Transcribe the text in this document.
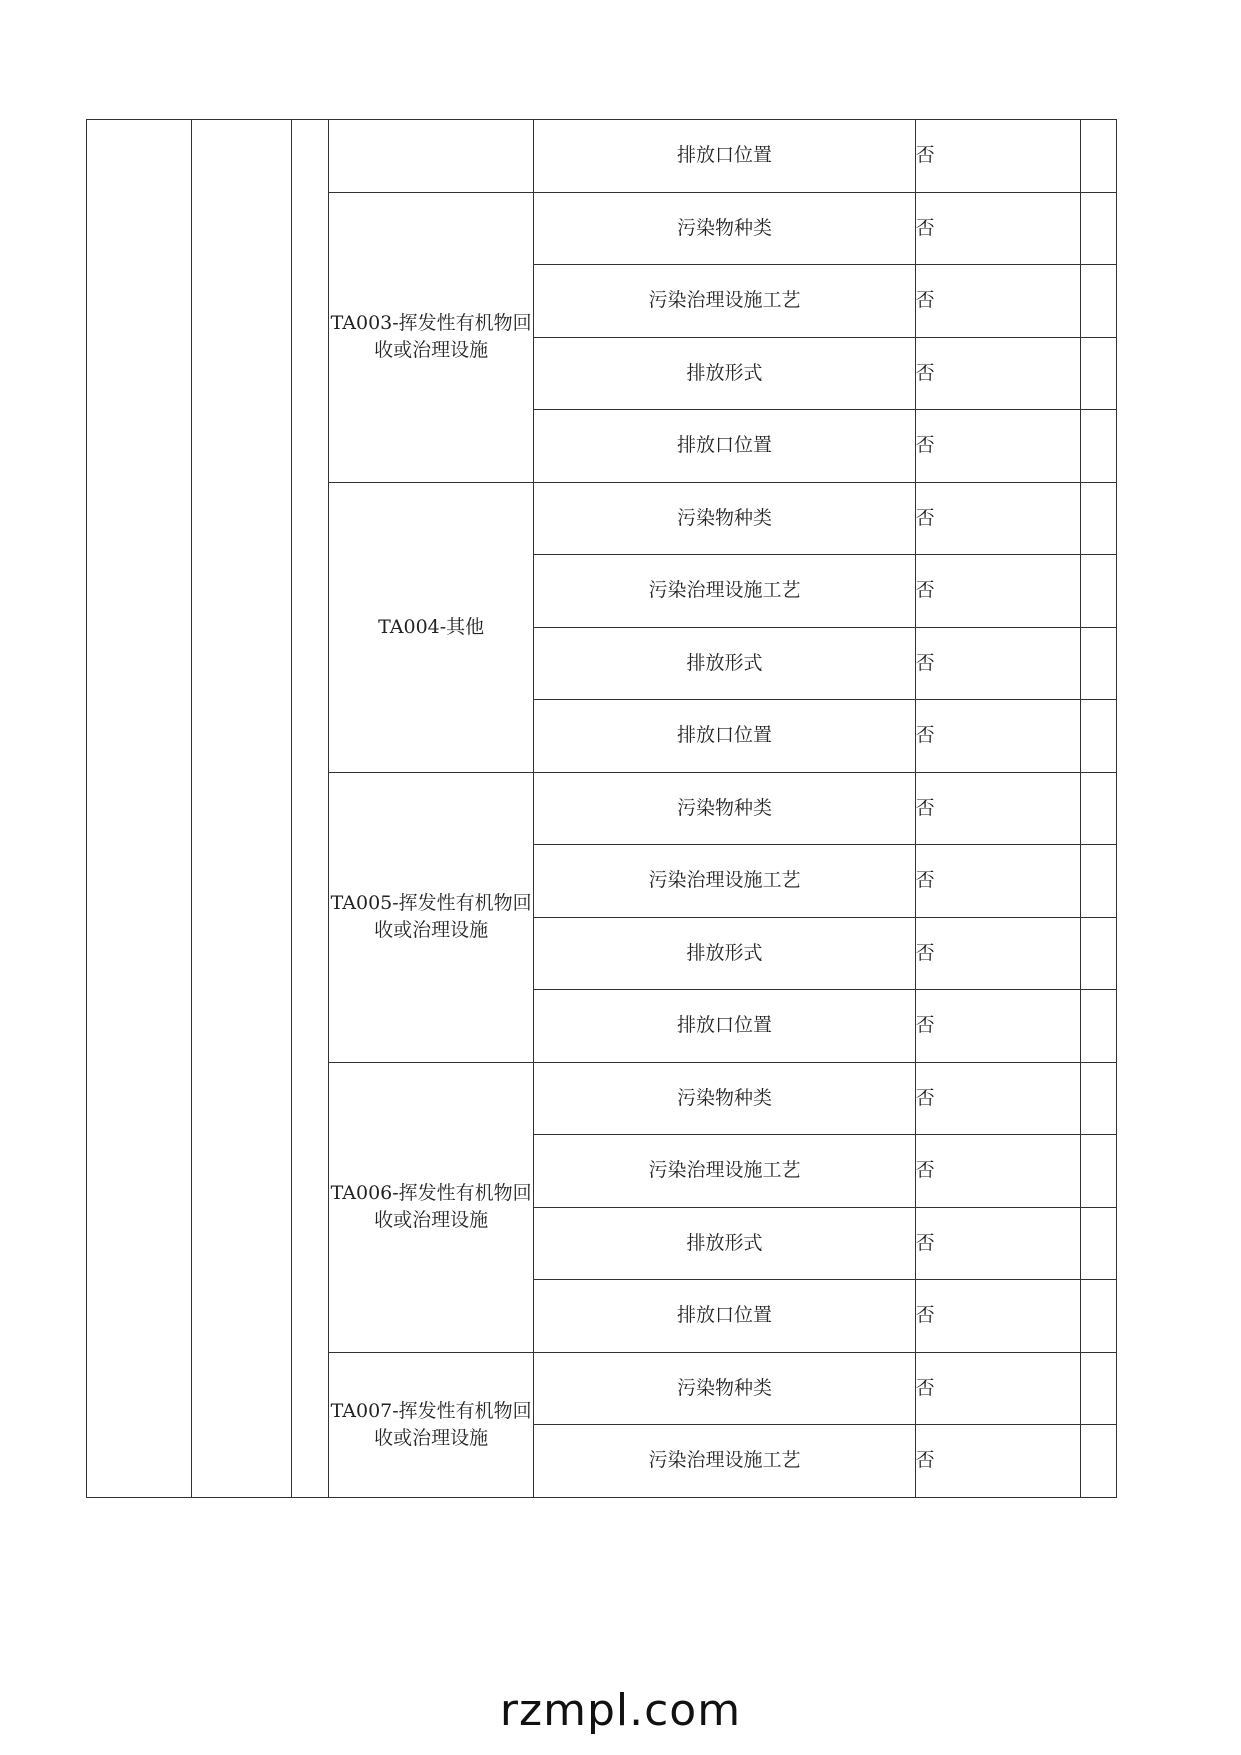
				排放口位置	否	
			TA003-挥发性有机物回收或治理设施	污染物种类	否	
				污染治理设施工艺	否	
				排放形式	否	
				排放口位置	否	
			TA004-其他	污染物种类	否	
				污染治理设施工艺	否	
				排放形式	否	
				排放口位置	否	
			TA005-挥发性有机物回收或治理设施	污染物种类	否	
				污染治理设施工艺	否	
				排放形式	否	
				排放口位置	否	
			TA006-挥发性有机物回收或治理设施	污染物种类	否	
				污染治理设施工艺	否	
				排放形式	否	
				排放口位置	否	
			TA007-挥发性有机物回收或治理设施	污染物种类	否	
				污染治理设施工艺	否	
rzmpl.com
